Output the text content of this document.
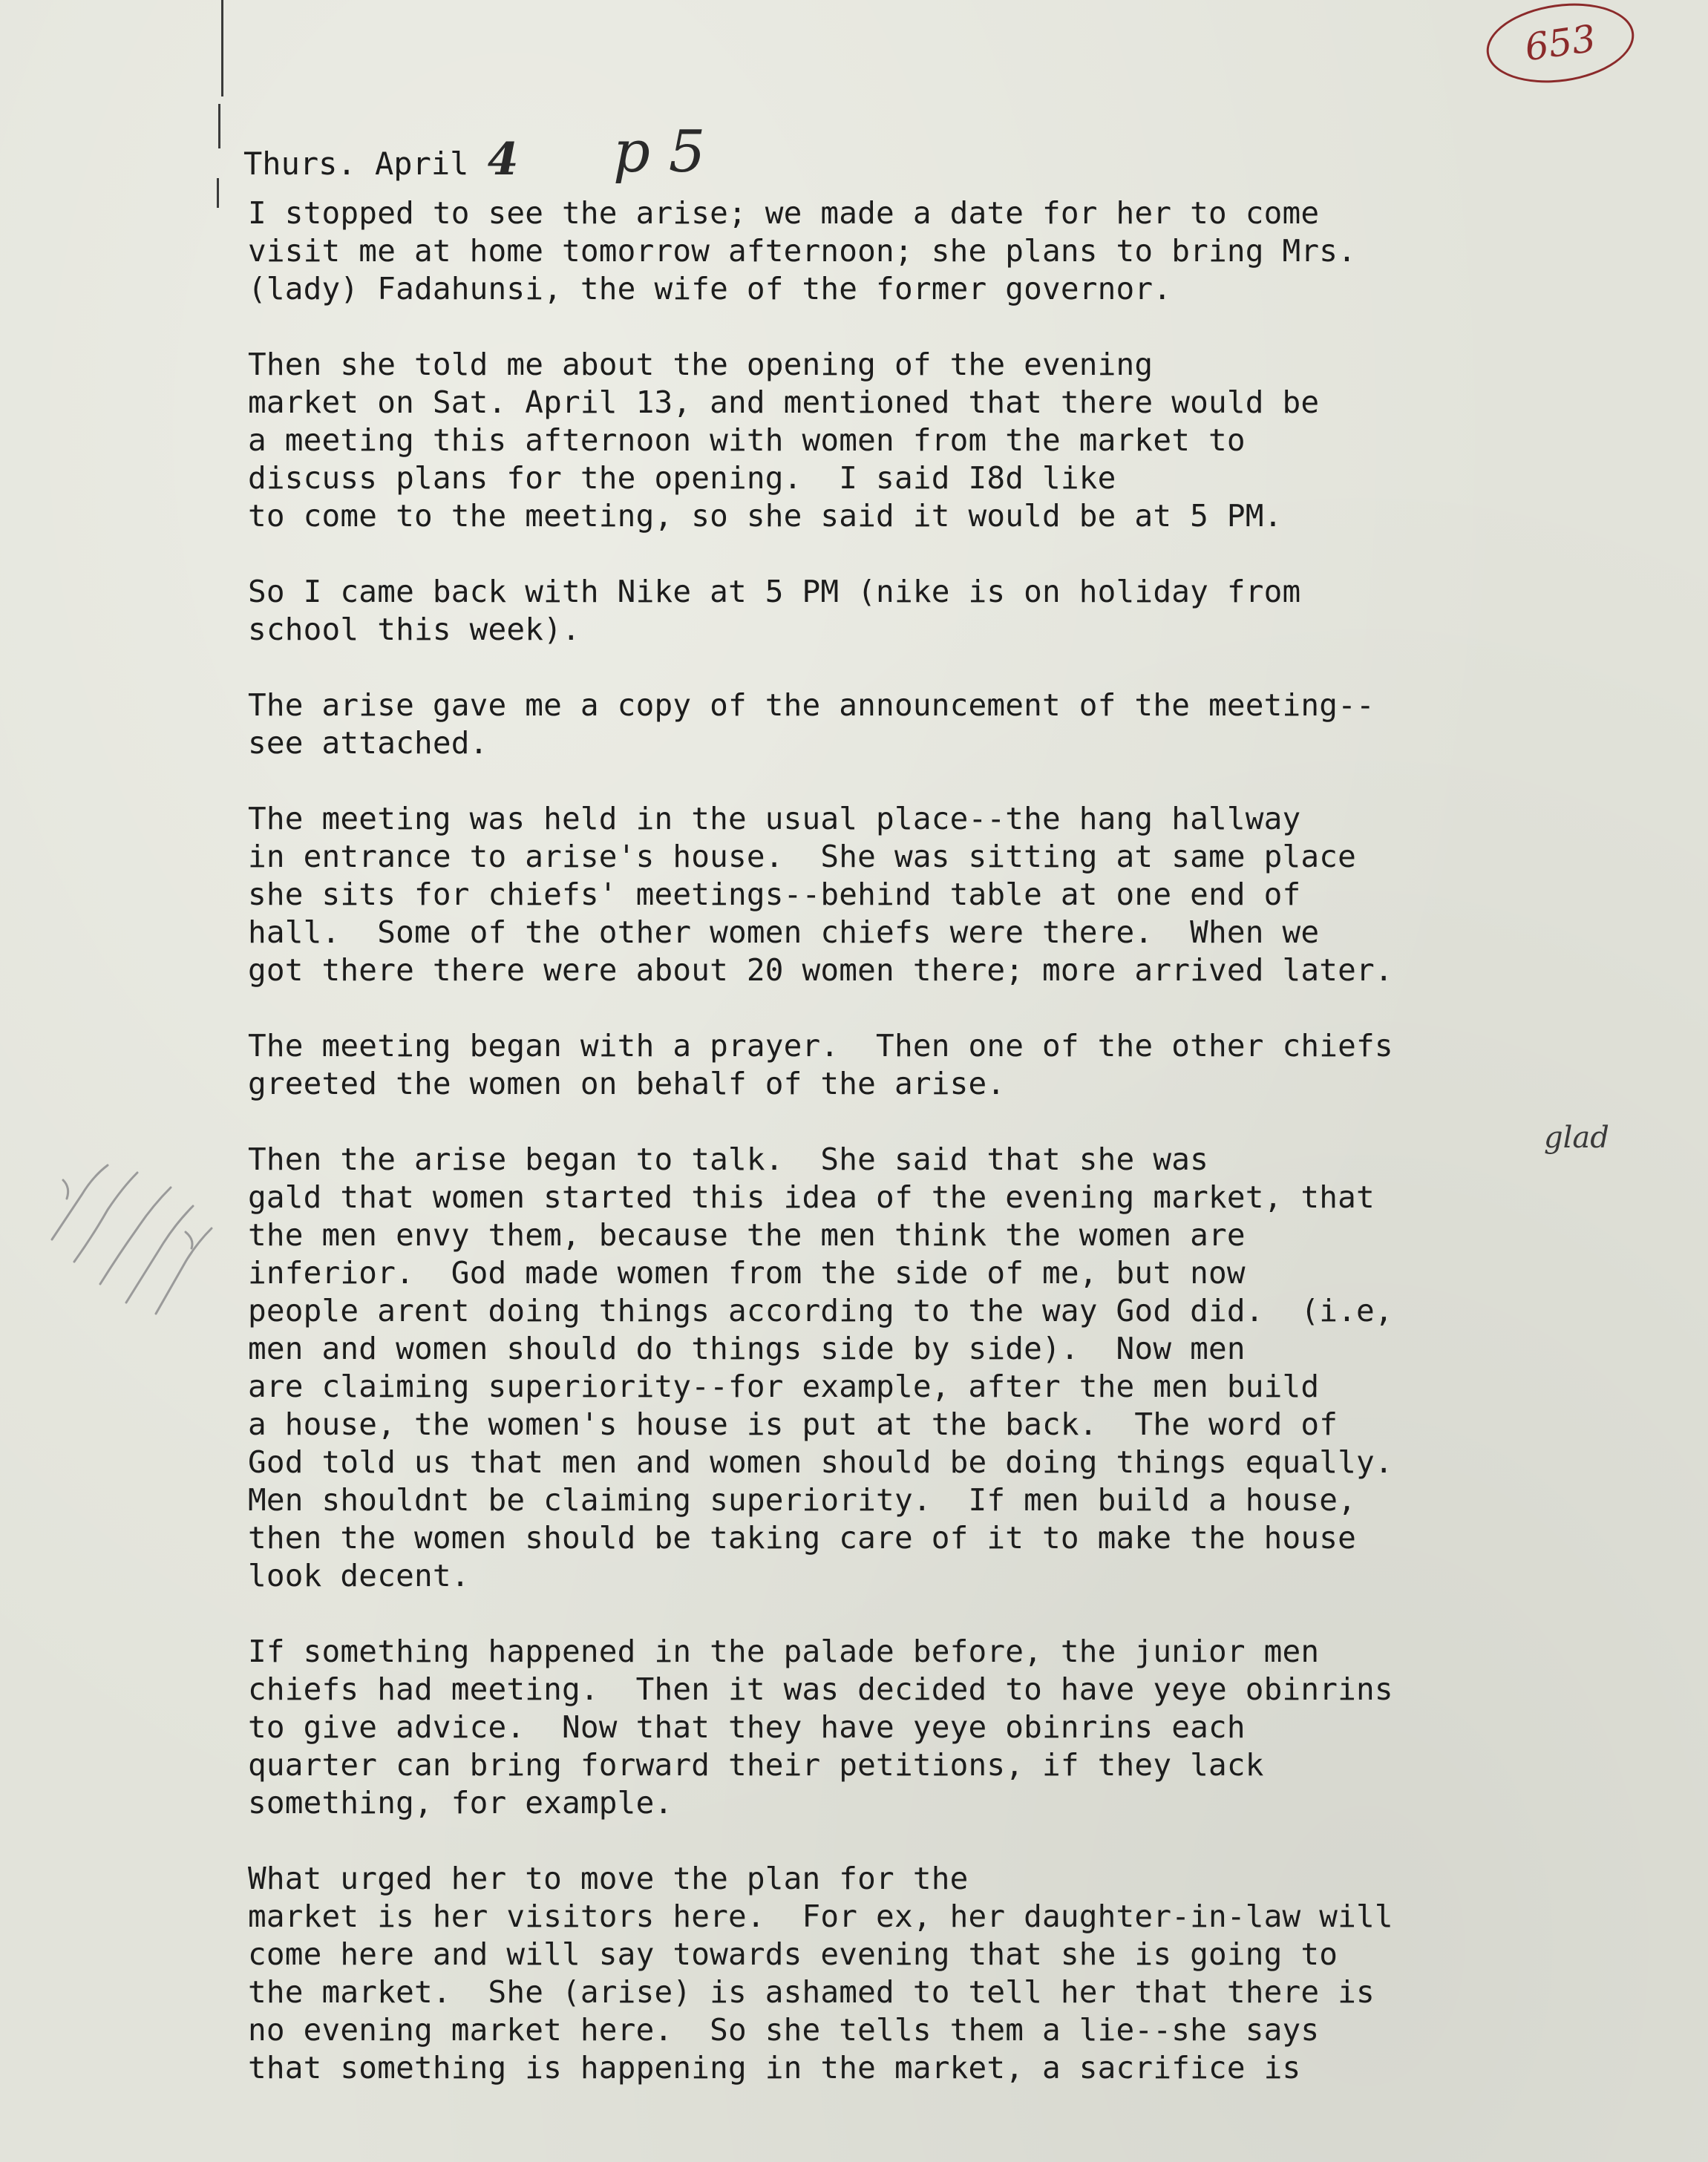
653
Thurs. April 4 p 5

I stopped to see the arise; we made a date for her to come
visit me at home tomorrow afternoon; she plans to bring Mrs.
(lady) Fadahunsi, the wife of the former governor.

Then she told me about the opening of the evening
market on Sat. April 13, and mentioned that there would be
a meeting this afternoon with women from the market to
discuss plans for the opening.  I said I8d like
to come to the meeting, so she said it would be at 5 PM.

So I came back with Nike at 5 PM (nike is on holiday from
school this week).

The arise gave me a copy of the announcement of the meeting--
see attached.

The meeting was held in the usual place--the hang hallway
in entrance to arise's house.  She was sitting at same place
she sits for chiefs' meetings--behind table at one end of
hall.  Some of the other women chiefs were there.  When we
got there there were about 20 women there; more arrived later.

The meeting began with a prayer.  Then one of the other chiefs
greeted the women on behalf of the arise.

Then the arise began to talk.  She said that she was
gald that women started this idea of the evening market, that
the men envy them, because the men think the women are
inferior.  God made women from the side of me, but now
people arent doing things according to the way God did.  (i.e,
men and women should do things side by side).  Now men
are claiming superiority--for example, after the men build
a house, the women's house is put at the back.  The word of
God told us that men and women should be doing things equally.
Men shouldnt be claiming superiority.  If men build a house,
then the women should be taking care of it to make the house
look decent.

If something happened in the palade before, the junior men
chiefs had meeting.  Then it was decided to have yeye obinrins
to give advice.  Now that they have yeye obinrins each
quarter can bring forward their petitions, if they lack
something, for example.

What urged her to move the plan for the
market is her visitors here.  For ex, her daughter-in-law will
come here and will say towards evening that she is going to
the market.  She (arise) is ashamed to tell her that there is
no evening market here.  So she tells them a lie--she says
that something is happening in the market, a sacrifice is

glad
